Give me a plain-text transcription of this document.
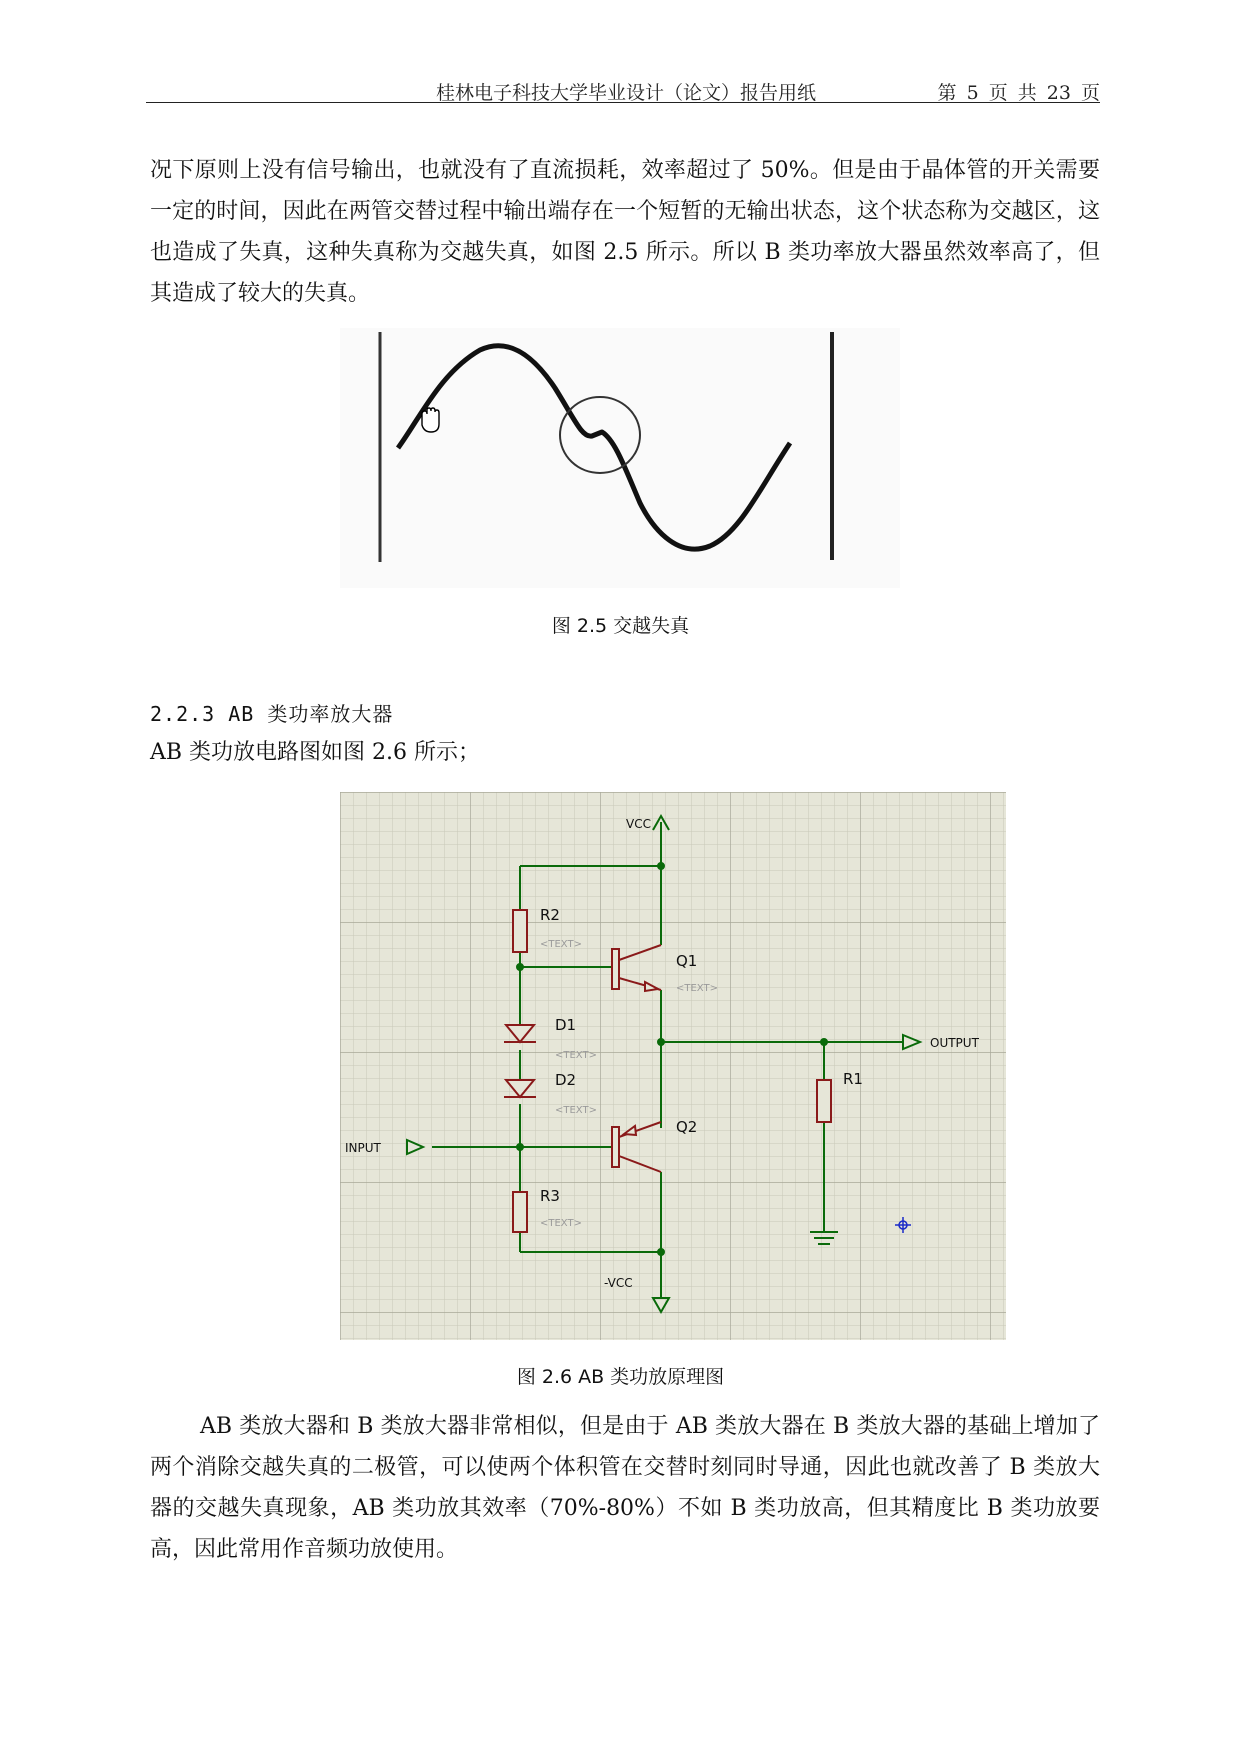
桂林电子科技大学毕业设计（论文）报告用纸	第 5 页 共 23 页

况下原则上没有信号输出，也就没有了直流损耗，效率超过了 50%。但是由于晶体管的开关需要一定的时间，因此在两管交替过程中输出端存在一个短暂的无输出状态，这个状态称为交越区，这也造成了失真，这种失真称为交越失真，如图 2.5 所示。所以 B 类功率放大器虽然效率高了，但其造成了较大的失真。

图 2.5 交越失真
2.2.3 AB 类功率放大器
AB 类功放电路图如图 2.6 所示；
VCC
R2
Q1
D1
D2
Q2
R3
R1
INPUT
OUTPUT
-VCC
<TEXT>
<TEXT>
<TEXT>
<TEXT>
<TEXT>
图 2.6 AB 类功放原理图

AB 类放大器和 B 类放大器非常相似，但是由于 AB 类放大器在 B 类放大器的基础上增加了两个消除交越失真的二极管，可以使两个体积管在交替时刻同时导通，因此也就改善了 B 类放大器的交越失真现象，AB 类功放其效率（70%-80%）不如 B 类功放高，但其精度比 B 类功放要高，因此常用作音频功放使用。
